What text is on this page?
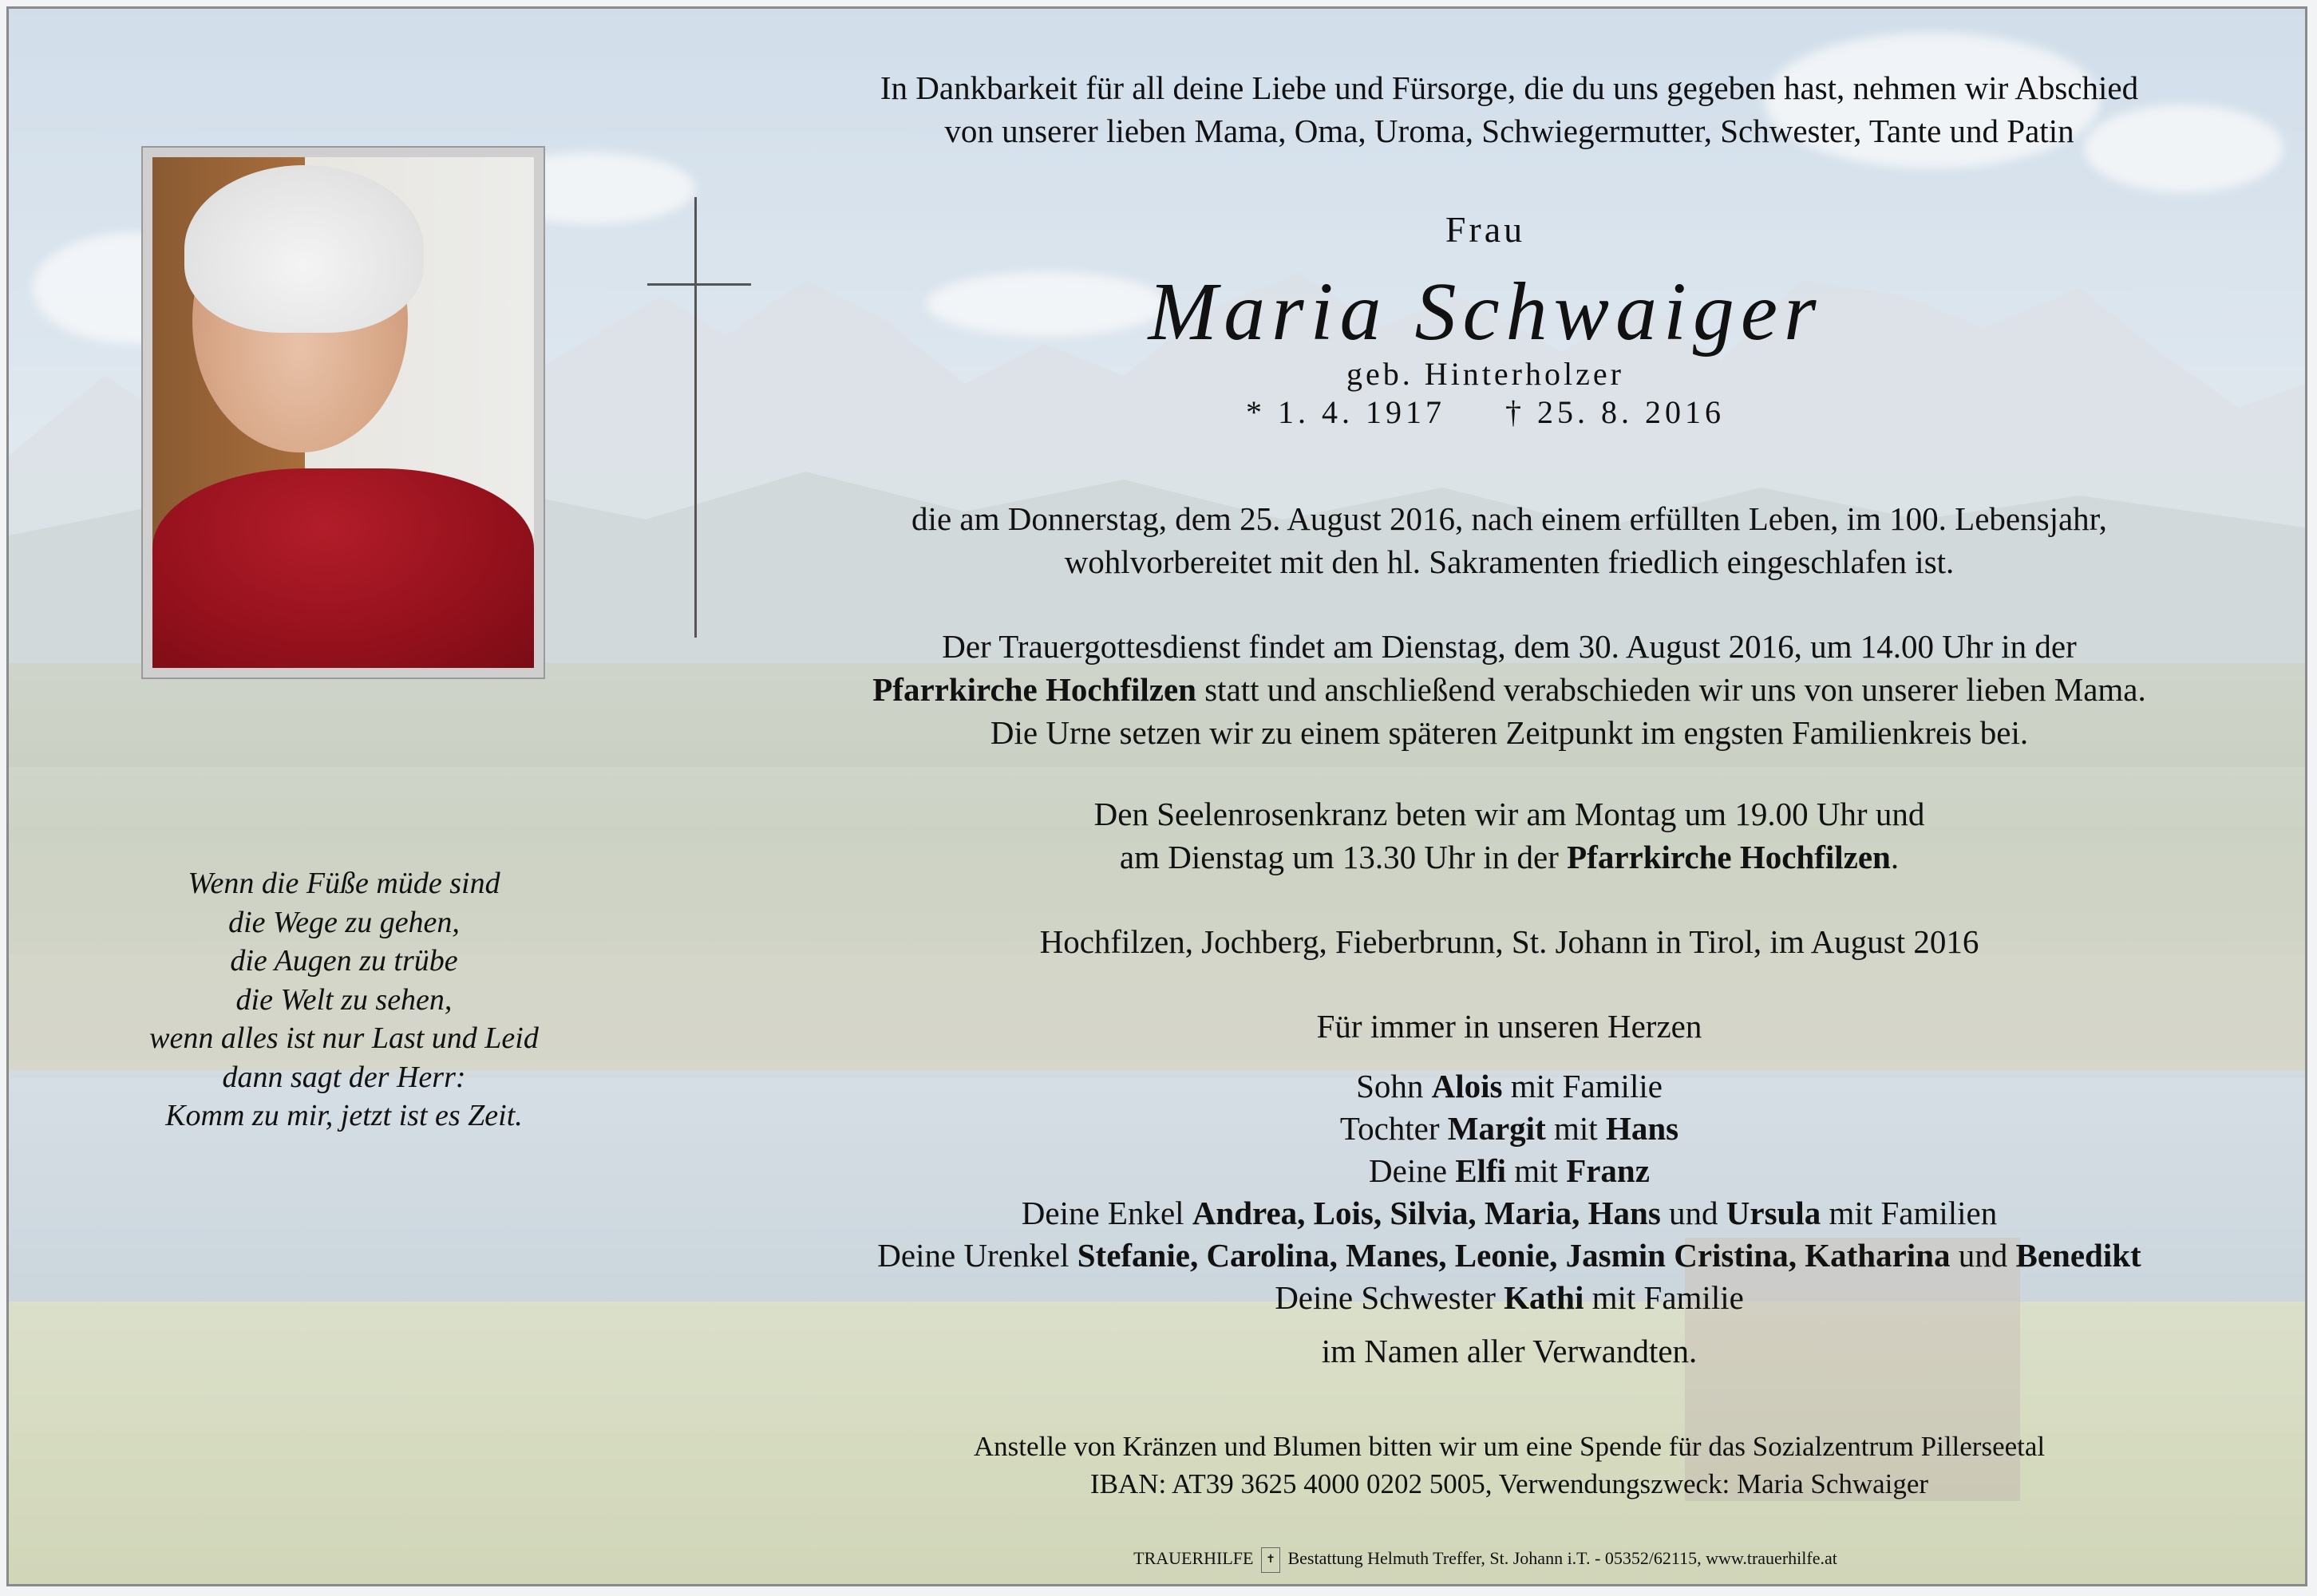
In Dankbarkeit für all deine Liebe und Fürsorge, die du uns gegeben hast, nehmen wir Abschied
von unserer lieben Mama, Oma, Uroma, Schwiegermutter, Schwester, Tante und Patin
Frau
Maria Schwaiger
geb. Hinterholzer
* 1. 4. 1917 † 25. 8. 2016
die am Donnerstag, dem 25. August 2016, nach einem erfüllten Leben, im 100. Lebensjahr,
wohlvorbereitet mit den hl. Sakramenten friedlich eingeschlafen ist.
Der Trauergottesdienst findet am Dienstag, dem 30. August 2016, um 14.00 Uhr in der
Pfarrkirche Hochfilzen statt und anschließend verabschieden wir uns von unserer lieben Mama.
Die Urne setzen wir zu einem späteren Zeitpunkt im engsten Familienkreis bei.
Den Seelenrosenkranz beten wir am Montag um 19.00 Uhr und
am Dienstag um 13.30 Uhr in der Pfarrkirche Hochfilzen.
Hochfilzen, Jochberg, Fieberbrunn, St. Johann in Tirol, im August 2016
Für immer in unseren Herzen
Sohn Alois mit Familie
Tochter Margit mit Hans
Deine Elfi mit Franz
Deine Enkel Andrea, Lois, Silvia, Maria, Hans und Ursula mit Familien
Deine Urenkel Stefanie, Carolina, Manes, Leonie, Jasmin Cristina, Katharina und Benedikt
Deine Schwester Kathi mit Familie
im Namen aller Verwandten.
Anstelle von Kränzen und Blumen bitten wir um eine Spende für das Sozialzentrum Pillerseetal
IBAN: AT39 3625 4000 0202 5005, Verwendungszweck: Maria Schwaiger
TRAUERHILFE ✝ Bestattung Helmuth Treffer, St. Johann i.T. - 05352/62115, www.trauerhilfe.at
Wenn die Füße müde sind
die Wege zu gehen,
die Augen zu trübe
die Welt zu sehen,
wenn alles ist nur Last und Leid
dann sagt der Herr:
Komm zu mir, jetzt ist es Zeit.
